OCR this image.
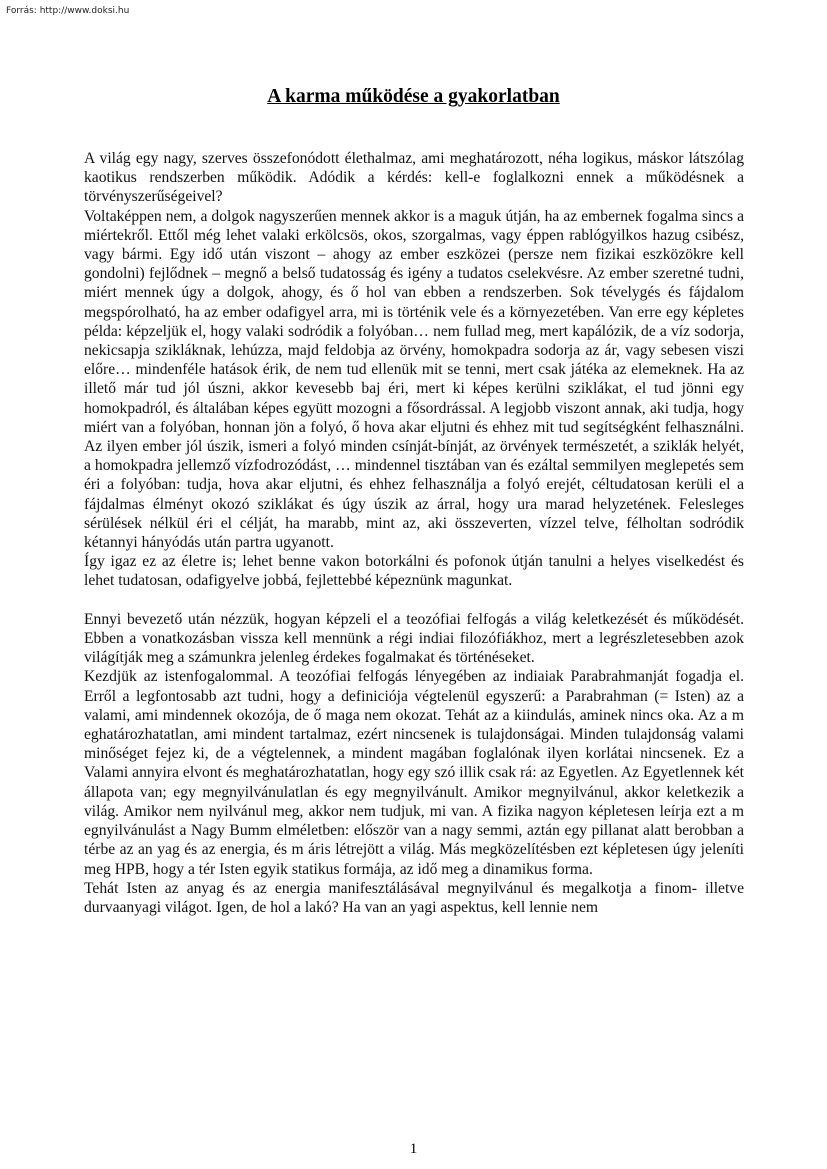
Forrás: http://www.doksi.hu
A karma működése a gyakorlatban

A világ egy nagy, szerves összefonódott élethalmaz, ami meghatározott, néha logikus, máskor látszólag kaotikus rendszerben működik. Adódik a kérdés: kell-e foglalkozni ennek a működésnek a törvényszerűségeivel?

Voltaképpen nem, a dolgok nagyszerűen mennek akkor is a maguk útján, ha az embernek fogalma sincs a miértekről. Ettől még lehet valaki erkölcsös, okos, szorgalmas, vagy éppen rablógyilkos hazug csibész, vagy bármi. Egy idő után viszont – ahogy az ember eszközei (persze nem fizikai eszközökre kell gondolni) fejlődnek – megnő a belső tudatosság és igény a tudatos cselekvésre. Az ember szeretné tudni, miért mennek úgy a dolgok, ahogy, és ő hol van ebben a rendszerben. Sok tévelygés és fájdalom megspórolható, ha az ember odafigyel arra, mi is történik vele és a környezetében. Van erre egy képletes példa: képzeljük el, hogy valaki sodródik a folyóban… nem fullad meg, mert kapálózik, de a víz sodorja, nekicsapja szikláknak, lehúzza, majd feldobja az örvény, homokpadra sodorja az ár, vagy sebesen viszi előre… mindenféle hatások érik, de nem tud ellenük mit se tenni, mert csak játéka az elemeknek. Ha az illető már tud jól úszni, akkor kevesebb baj éri, mert ki képes kerülni sziklákat, el tud jönni egy homokpadról, és általában képes együtt mozogni a fősordrással. A legjobb viszont annak, aki tudja, hogy miért van a folyóban, honnan jön a folyó, ő hova akar eljutni és ehhez mit tud segítségként felhasználni. Az ilyen ember jól úszik, ismeri a folyó minden csínját-bínját, az örvények természetét, a sziklák helyét, a homokpadra jellemző vízfodrozódást, … mindennel tisztában van és ezáltal semmilyen meglepetés sem éri a folyóban: tudja, hova akar eljutni, és ehhez felhasználja a folyó erejét, céltudatosan kerüli el a fájdalmas élményt okozó sziklákat és úgy úszik az árral, hogy ura marad helyzetének. Felesleges sérülések nélkül éri el célját, ha marabb, mint az, aki összeverten, vízzel telve, félholtan sodródik kétannyi hányódás után partra ugyanott.

Így igaz ez az életre is; lehet benne vakon botorkálni és pofonok útján tanulni a helyes viselkedést és lehet tudatosan, odafigyelve jobbá, fejlettebbé képeznünk magunkat.

Ennyi bevezető után nézzük, hogyan képzeli el a teozófiai felfogás a világ keletkezését és működését. Ebben a vonatkozásban vissza kell mennünk a régi indiai filozófiákhoz, mert a legrészletesebben azok világítják meg a számunkra jelenleg érdekes fogalmakat és történéseket.

Kezdjük az istenfogalommal. A teozófiai felfogás lényegében az indiaiak Parabrahmanját fogadja el. Erről a legfontosabb azt tudni, hogy a definiciója végtelenül egyszerű: a Parabrahman (= Isten) az a valami, ami mindennek okozója, de ő maga nem okozat. Tehát az a kiindulás, aminek nincs oka. Az a m eghatározhatatlan, ami mindent tartalmaz, ezért nincsenek is tulajdonságai. Minden tulajdonság valami minőséget fejez ki, de a végtelennek, a mindent magában foglalónak ilyen korlátai nincsenek. Ez a Valami annyira elvont és meghatározhatatlan, hogy egy szó illik csak rá: az Egyetlen. Az Egyetlennek két állapota van; egy megnyilvánulatlan és egy megnyilvánult. Amikor megnyilvánul, akkor keletkezik a világ. Amikor nem nyilvánul meg, akkor nem tudjuk, mi van. A fizika nagyon képletesen leírja ezt a m egnyilvánulást a Nagy Bumm elméletben: először van a nagy semmi, aztán egy pillanat alatt berobban a térbe az an yag és az energia, és m áris létrejött a világ. Más megközelítésben ezt képletesen úgy jeleníti meg HPB, hogy a tér Isten egyik statikus formája, az idő meg a dinamikus forma.

Tehát Isten az anyag és az energia manifesztálásával megnyilvánul és megalkotja a finom- illetve durvaanyagi világot. Igen, de hol a lakó? Ha van an yagi aspektus, kell lennie nem

1
